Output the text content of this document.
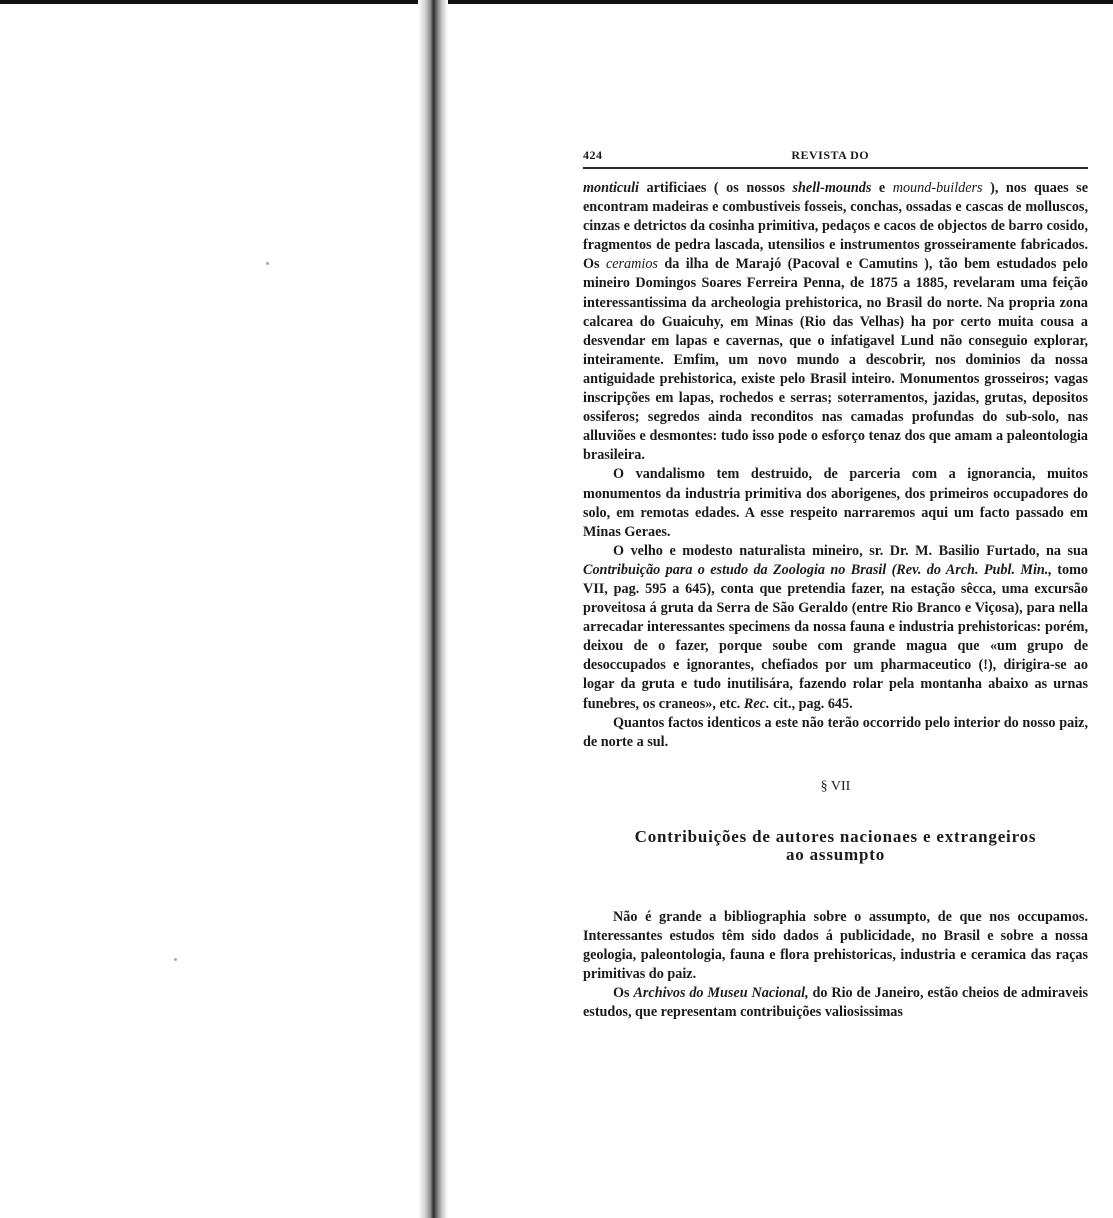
424	REVISTA DO

monticuli artificiaes ( os nossos shell-mounds e mound-builders ), nos quaes se encontram madeiras e combustiveis fosseis, conchas, ossadas e cascas de molluscos, cinzas e detrictos da cosinha primitiva, pedaços e cacos de objectos de barro cosido, fragmentos de pedra lascada, utensilios e instrumentos grosseiramente fabricados. Os ceramios da ilha de Marajó (Pacoval e Camutins ), tão bem estudados pelo mineiro Domingos Soares Ferreira Penna, de 1875 a 1885, revelaram uma feição interessantissima da archeologia prehistorica, no Brasil do norte. Na propria zona calcarea do Guaicuhy, em Minas (Rio das Velhas) ha por certo muita cousa a desvendar em lapas e cavernas, que o infatigavel Lund não conseguio explorar, inteiramente. Emfim, um novo mundo a descobrir, nos dominios da nossa antiguidade prehistorica, existe pelo Brasil inteiro. Monumentos grosseiros; vagas inscripções em lapas, rochedos e serras; soterramentos, jazidas, grutas, depositos ossiferos; segredos ainda reconditos nas camadas profundas do sub-solo, nas alluviões e desmontes: tudo isso pode o esforço tenaz dos que amam a paleontologia brasileira.

O vandalismo tem destruido, de parceria com a ignorancia, muitos monumentos da industria primitiva dos aborigenes, dos primeiros occupadores do solo, em remotas edades. A esse respeito narraremos aqui um facto passado em Minas Geraes.

O velho e modesto naturalista mineiro, sr. Dr. M. Basilio Furtado, na sua Contribuição para o estudo da Zoologia no Brasil (Rev. do Arch. Publ. Min., tomo VII, pag. 595 a 645), conta que pretendia fazer, na estação sêcca, uma excursão proveitosa á gruta da Serra de São Geraldo (entre Rio Branco e Viçosa), para nella arrecadar interessantes specimens da nossa fauna e industria prehistoricas: porém, deixou de o fazer, porque soube com grande magua que «um grupo de desoccupados e ignorantes, chefiados por um pharmaceutico (!), dirigira-se ao logar da gruta e tudo inutilisára, fazendo rolar pela montanha abaixo as urnas funebres, os craneos», etc. Rec. cit., pag. 645.

Quantos factos identicos a este não terão occorrido pelo interior do nosso paiz, de norte a sul.

§ VII
Contribuições de autores nacionaes e extrangeiros
ao assumpto

Não é grande a bibliographia sobre o assumpto, de que nos occupamos. Interessantes estudos têm sido dados á publicidade, no Brasil e sobre a nossa geologia, paleontologia, fauna e flora prehistoricas, industria e ceramica das raças primitivas do paiz.

Os Archivos do Museu Nacional, do Rio de Janeiro, estão cheios de admiraveis estudos, que representam contribuições valiosissimas
